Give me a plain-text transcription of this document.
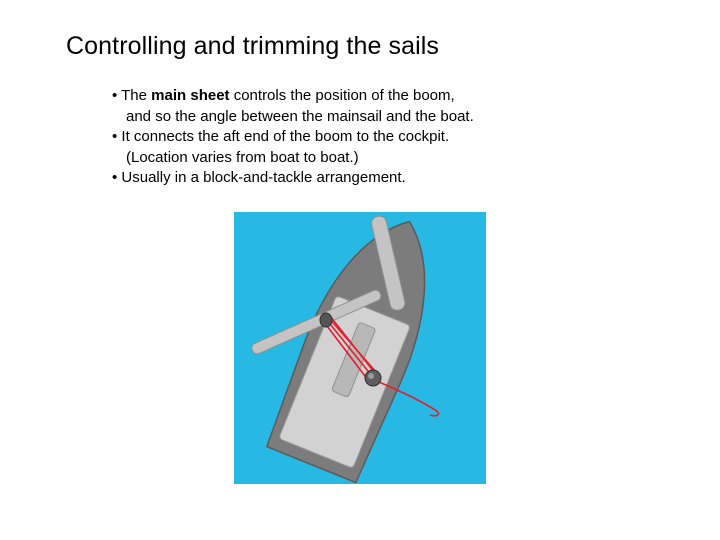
Controlling and trimming the sails
• The main sheet controls the position of the boom,
and so the angle between the mainsail and the boat.
• It connects the aft end of the boom to the cockpit.
(Location varies from boat to boat.)
• Usually in a block-and-tackle arrangement.
